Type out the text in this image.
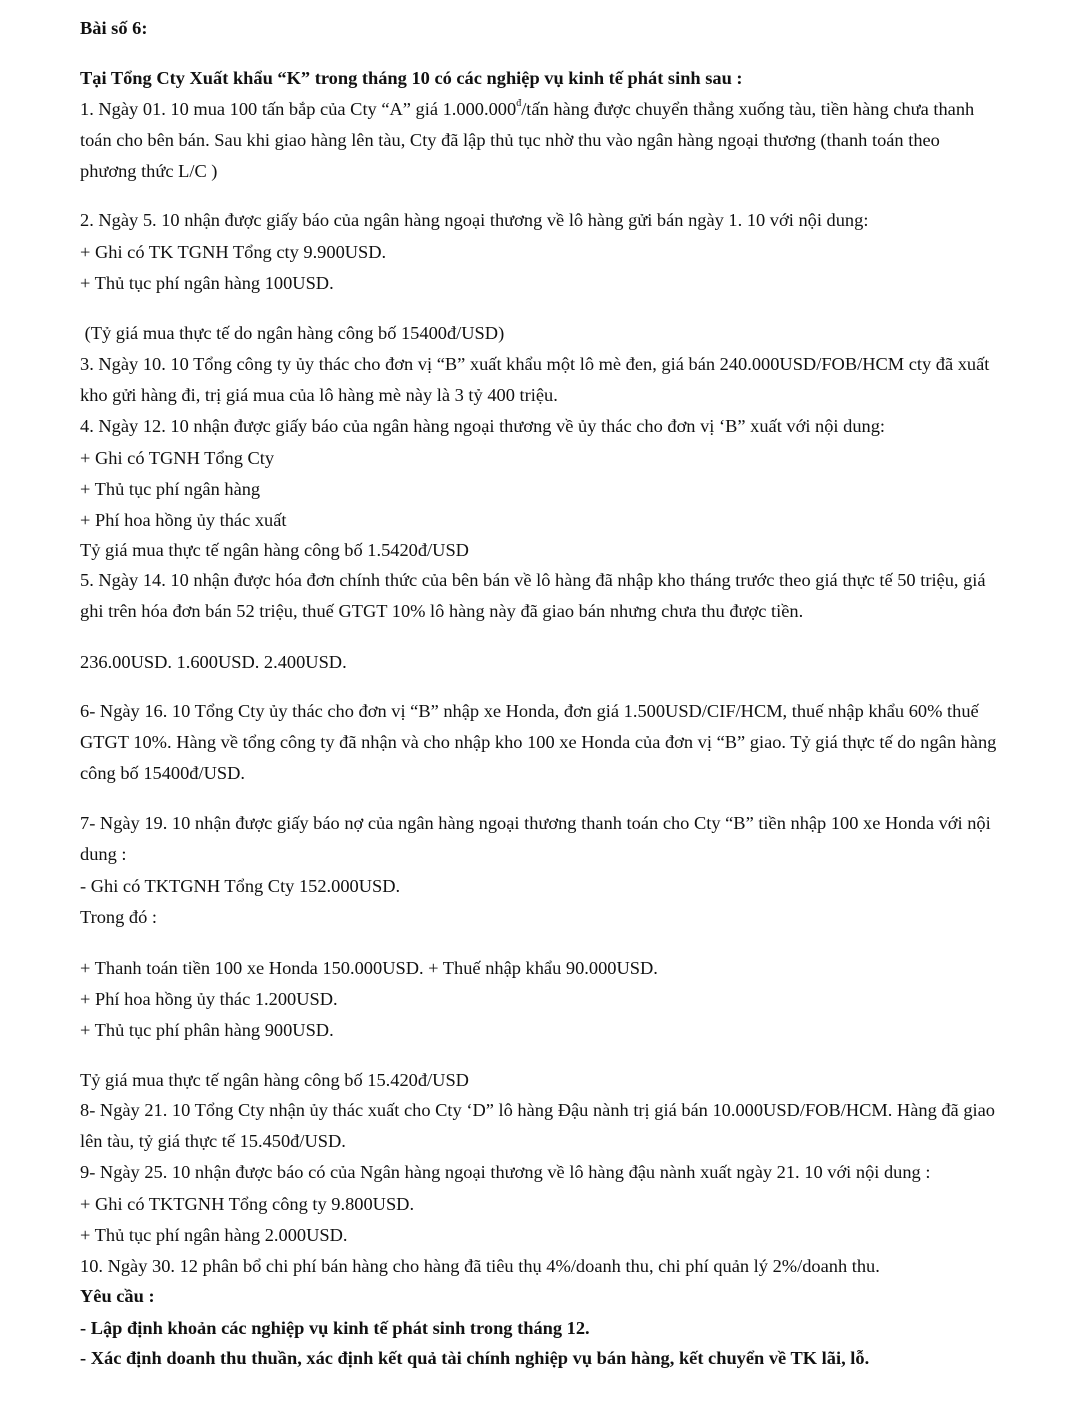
Bài số 6:
Tại Tổng Cty Xuất khẩu “K” trong tháng 10 có các nghiệp vụ kinh tế phát sinh sau :
1. Ngày 01. 10 mua 100 tấn bắp của Cty “A” giá $1.000.000^đ$/tấn hàng được chuyển thẳng xuống tàu, tiền hàng chưa thanh toán cho bên bán. Sau khi giao hàng lên tàu, Cty đã lập thủ tục nhờ thu vào ngân hàng ngoại thương (thanh toán theo phương thức L/C )
2. Ngày 5. 10 nhận được giấy báo của ngân hàng ngoại thương về lô hàng gửi bán ngày 1. 10 với nội dung:
+ Ghi có TK TGNH Tổng cty 9.900USD.
+ Thủ tục phí ngân hàng 100USD.
(Tỷ giá mua thực tế do ngân hàng công bố 15400đ/USD)
3. Ngày 10. 10 Tổng công ty ủy thác cho đơn vị “B” xuất khẩu một lô mè đen, giá bán 240.000USD/FOB/HCM cty đã xuất kho gửi hàng đi, trị giá mua của lô hàng mè này là 3 tỷ 400 triệu.
4. Ngày 12. 10 nhận được giấy báo của ngân hàng ngoại thương về ủy thác cho đơn vị ‘B” xuất với nội dung:
+ Ghi có TGNH Tổng Cty
+ Thủ tục phí ngân hàng
+ Phí hoa hồng ủy thác xuất
Tỷ giá mua thực tế ngân hàng công bố 1.5420đ/USD
5. Ngày 14. 10 nhận được hóa đơn chính thức của bên bán về lô hàng đã nhập kho tháng trước theo giá thực tế 50 triệu, giá ghi trên hóa đơn bán 52 triệu, thuế GTGT 10% lô hàng này đã giao bán nhưng chưa thu được tiền.
236.00USD. 1.600USD. 2.400USD.
6- Ngày 16. 10 Tổng Cty ủy thác cho đơn vị “B” nhập xe Honda, đơn giá 1.500USD/CIF/HCM, thuế nhập khẩu 60% thuế GTGT 10%. Hàng về tổng công ty đã nhận và cho nhập kho 100 xe Honda của đơn vị “B” giao. Tỷ giá thực tế do ngân hàng công bố 15400đ/USD.
7- Ngày 19. 10 nhận được giấy báo nợ của ngân hàng ngoại thương thanh toán cho Cty “B” tiền nhập 100 xe Honda với nội dung :
- Ghi có TKTGNH Tổng Cty 152.000USD.
Trong đó :
+ Thanh toán tiền 100 xe Honda 150.000USD. + Thuế nhập khẩu 90.000USD.
+ Phí hoa hồng ủy thác 1.200USD.
+ Thủ tục phí phân hàng 900USD.
Tỷ giá mua thực tế ngân hàng công bố 15.420đ/USD
8- Ngày 21. 10 Tổng Cty nhận ủy thác xuất cho Cty ‘D” lô hàng Đậu nành trị giá bán 10.000USD/FOB/HCM. Hàng đã giao lên tàu, tỷ giá thực tế 15.450đ/USD.
9- Ngày 25. 10 nhận được báo có của Ngân hàng ngoại thương về lô hàng đậu nành xuất ngày 21. 10 với nội dung :
+ Ghi có TKTGNH Tổng công ty 9.800USD.
+ Thủ tục phí ngân hàng 2.000USD.
10. Ngày 30. 12 phân bổ chi phí bán hàng cho hàng đã tiêu thụ 4%/doanh thu, chi phí quản lý 2%/doanh thu.
Yêu cầu :
- Lập định khoản các nghiệp vụ kinh tế phát sinh trong tháng 12.
- Xác định doanh thu thuần, xác định kết quả tài chính nghiệp vụ bán hàng, kết chuyển về TK lãi, lỗ.
